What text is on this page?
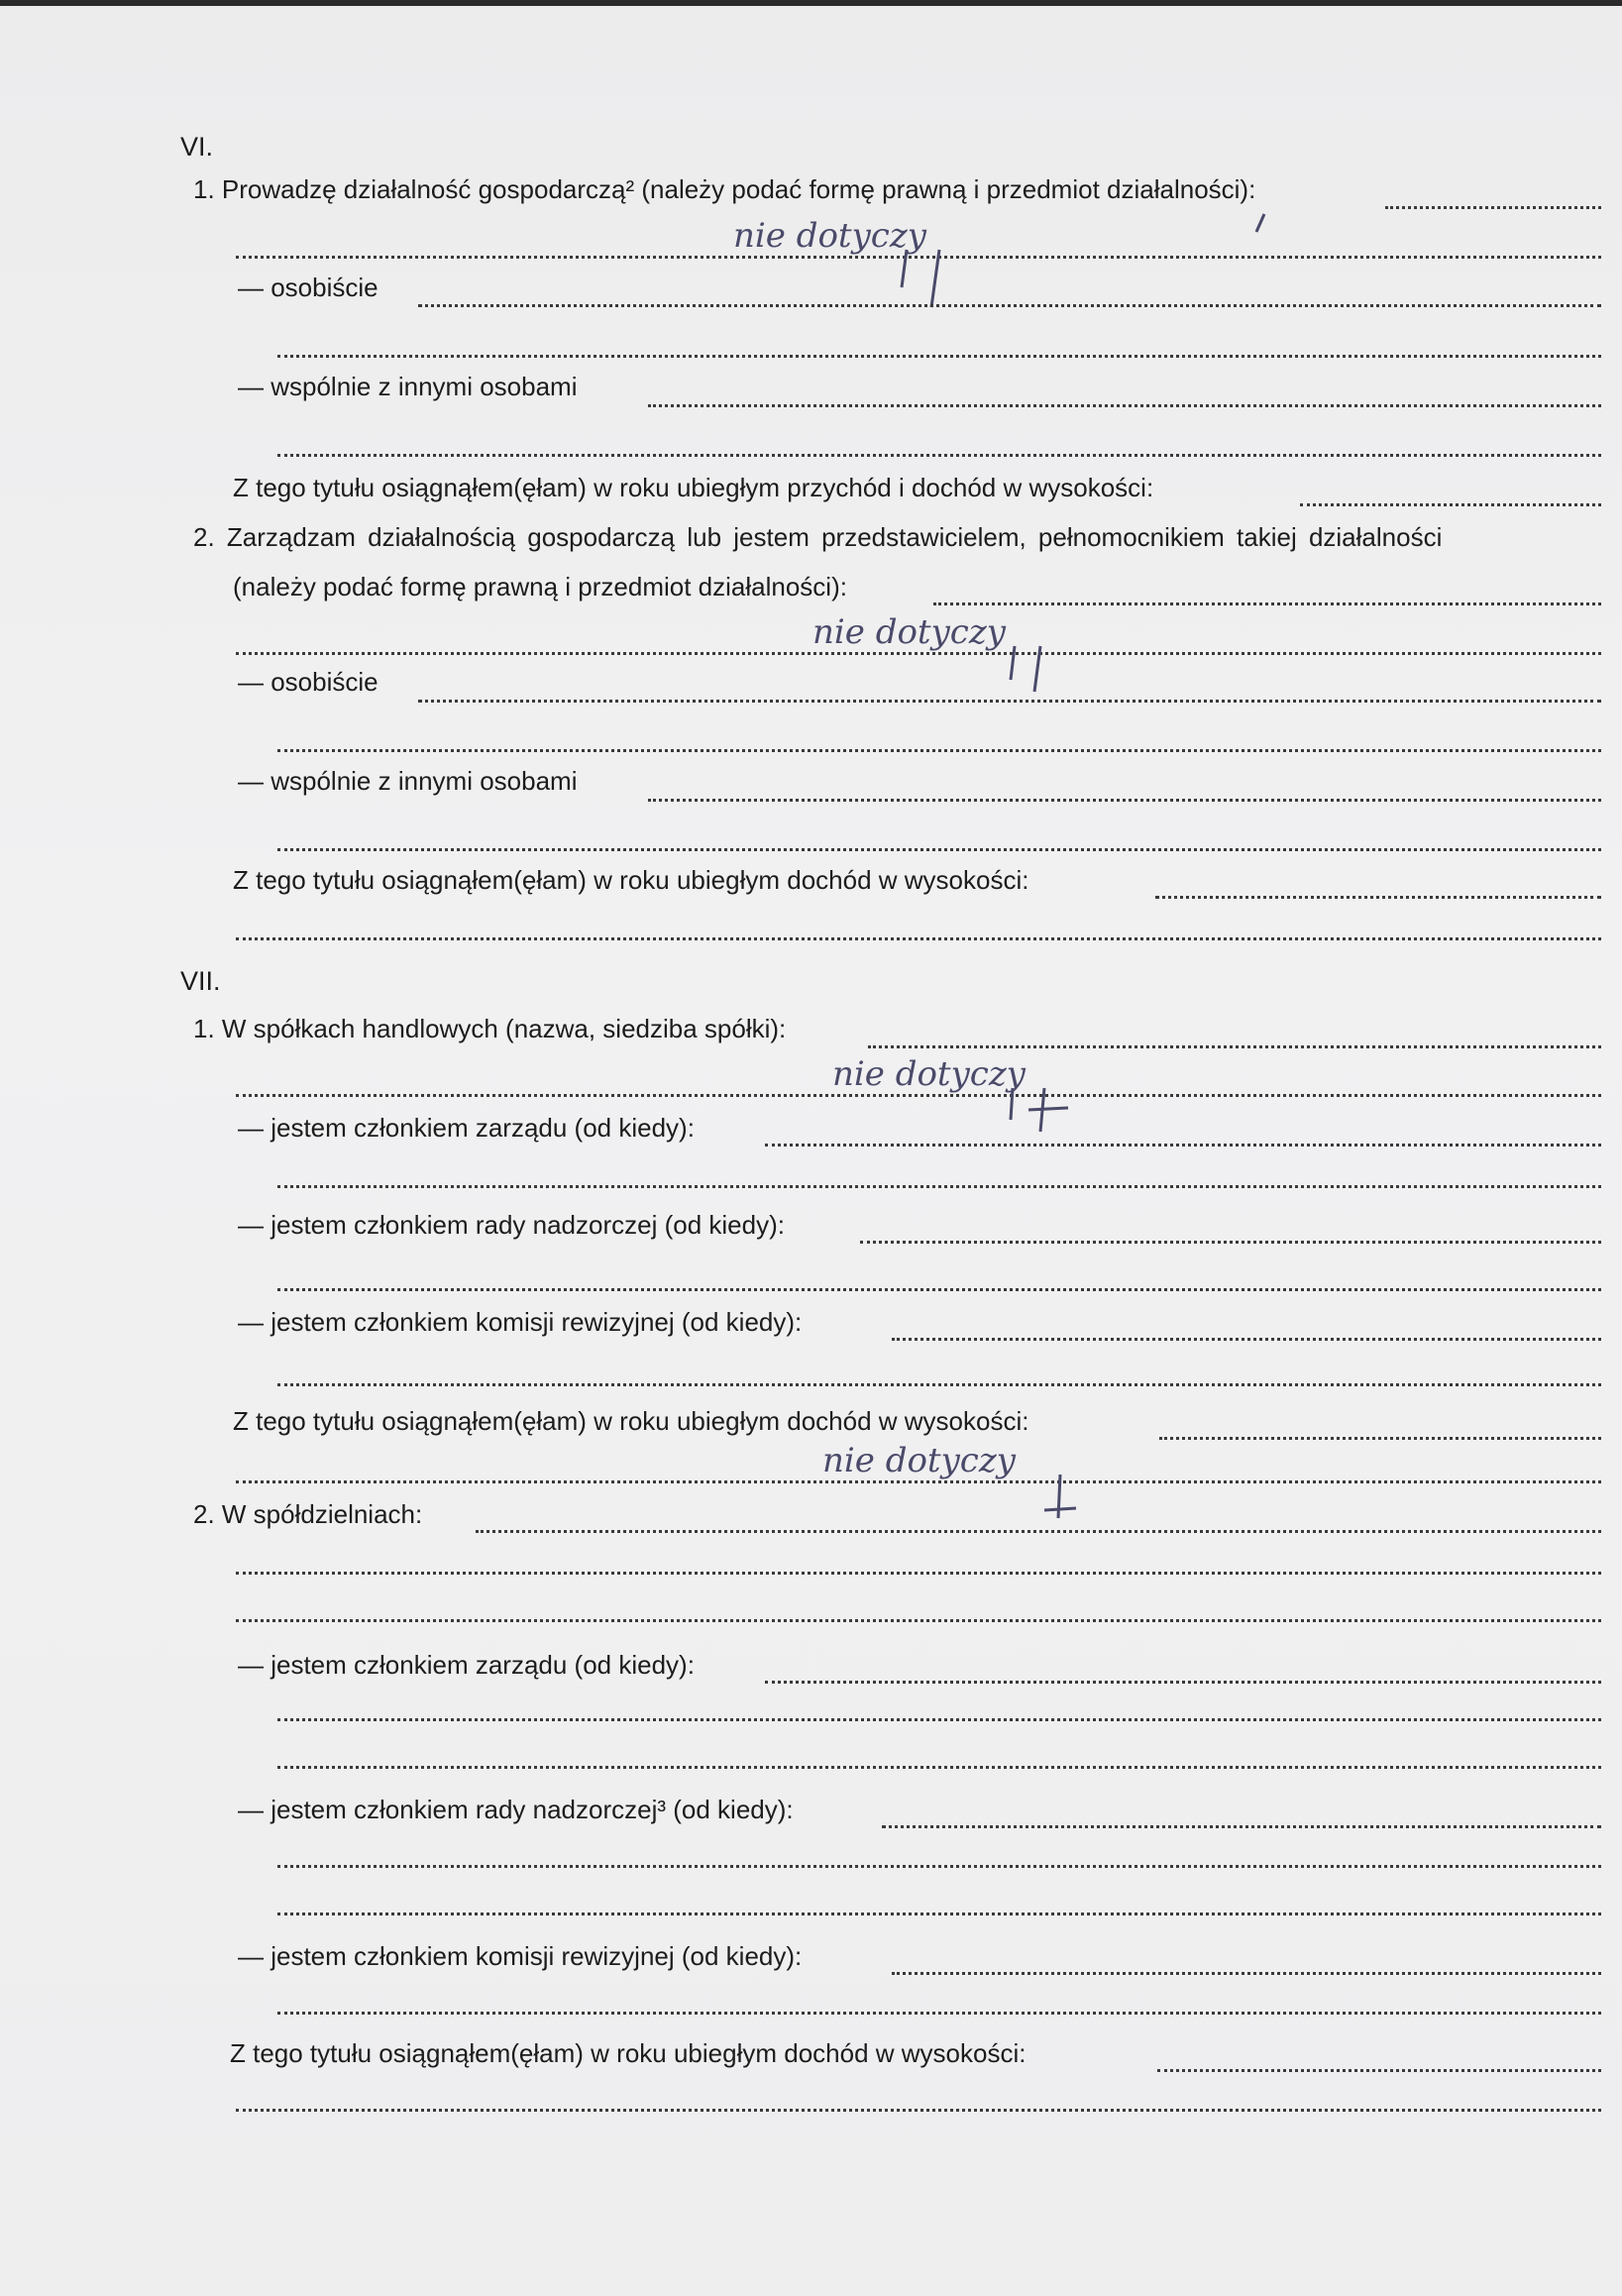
VI.
1. Prowadzę działalność gospodarczą² (należy podać formę prawną i przedmiot działalności):
nie dotyczy
— osobiście
— wspólnie z innymi osobami
Z tego tytułu osiągnąłem(ęłam) w roku ubiegłym przychód i dochód w wysokości:
2. Zarządzam działalnością gospodarczą lub jestem przedstawicielem, pełnomocnikiem takiej działalności
(należy podać formę prawną i przedmiot działalności):
nie dotyczy
— osobiście
— wspólnie z innymi osobami
Z tego tytułu osiągnąłem(ęłam) w roku ubiegłym dochód w wysokości:
VII.
1. W spółkach handlowych (nazwa, siedziba spółki):
nie dotyczy
— jestem członkiem zarządu (od kiedy):
— jestem członkiem rady nadzorczej (od kiedy):
— jestem członkiem komisji rewizyjnej (od kiedy):
Z tego tytułu osiągnąłem(ęłam) w roku ubiegłym dochód w wysokości:
nie dotyczy
2. W spółdzielniach:
— jestem członkiem zarządu (od kiedy):
— jestem członkiem rady nadzorczej³ (od kiedy):
— jestem członkiem komisji rewizyjnej (od kiedy):
Z tego tytułu osiągnąłem(ęłam) w roku ubiegłym dochód w wysokości:
